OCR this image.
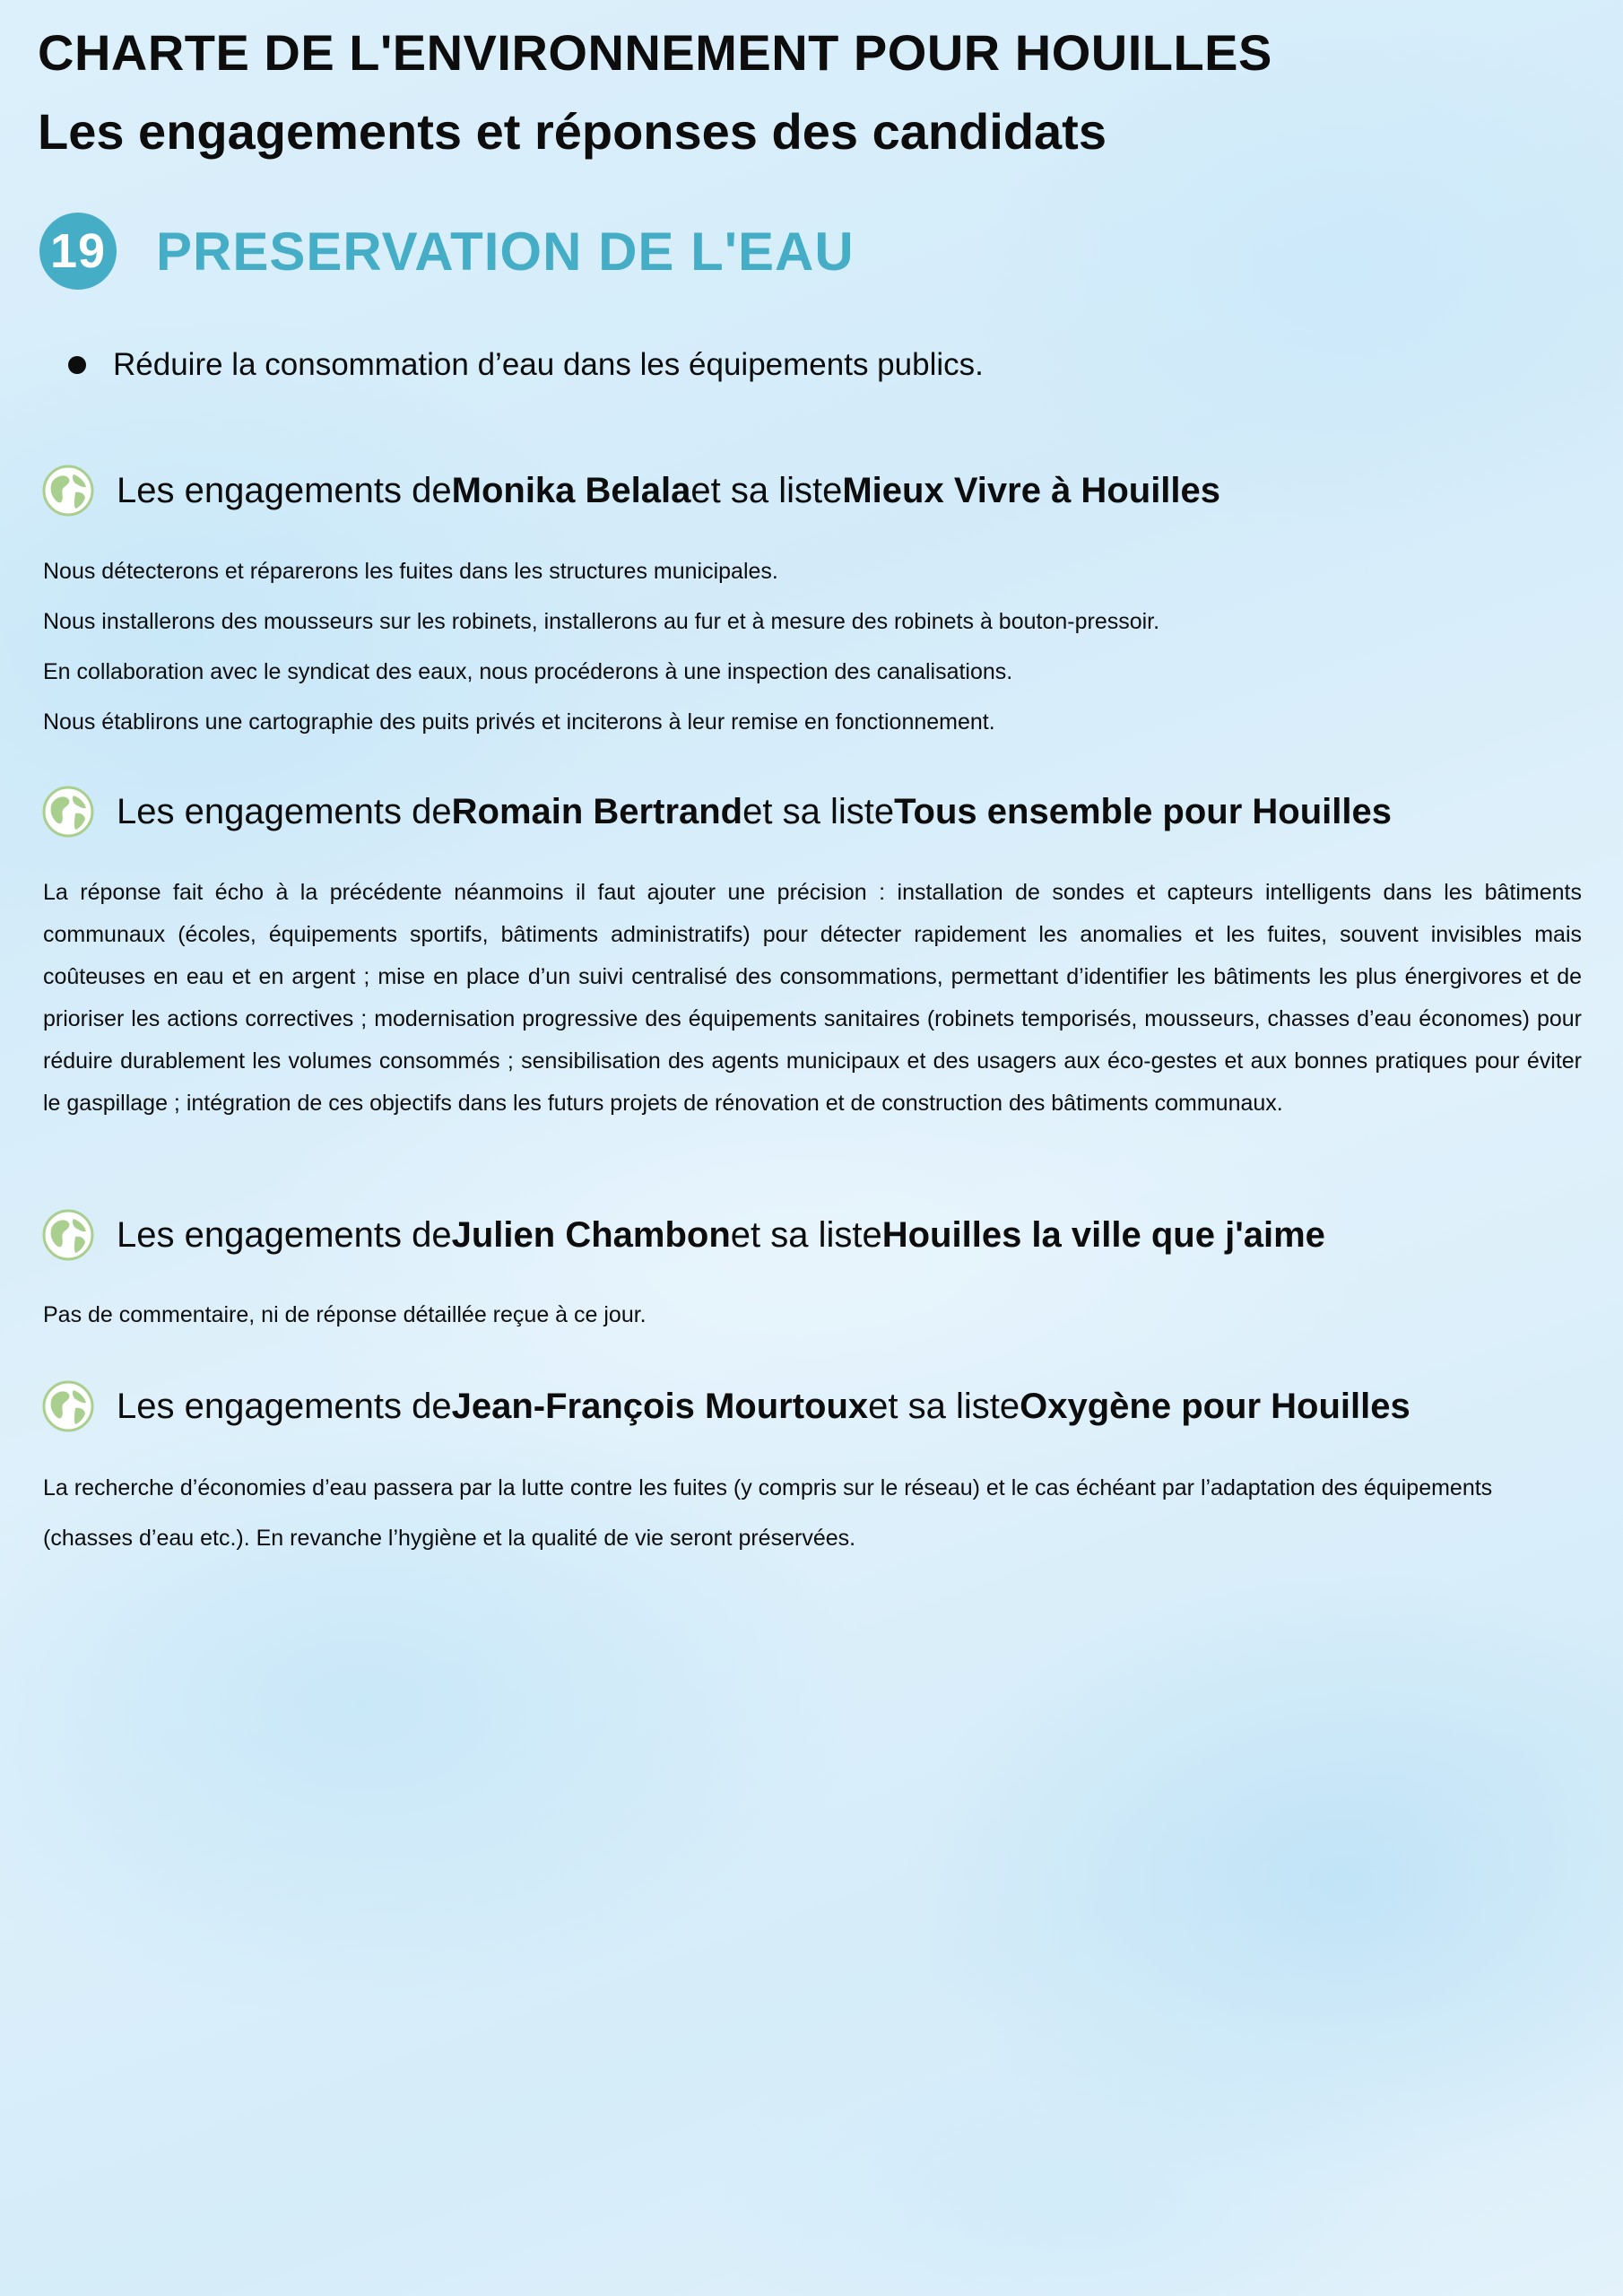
CHARTE DE L'ENVIRONNEMENT POUR HOUILLES
Les engagements et réponses des candidats
19 PRESERVATION DE L'EAU
Réduire la consommation d’eau dans les équipements publics.
Les engagements de Monika Belala et sa liste Mieux Vivre à Houilles

Nous détecterons et réparerons les fuites dans les structures municipales.

Nous installerons des mousseurs sur les robinets, installerons au fur et à mesure des robinets à bouton-pressoir.

En collaboration avec le syndicat des eaux, nous procéderons à une inspection des canalisations.

Nous établirons une cartographie des puits privés et inciterons à leur remise en fonctionnement.

Les engagements de Romain Bertrand et sa liste Tous ensemble pour Houilles

La réponse fait écho à la précédente néanmoins il faut ajouter une précision : installation de sondes et capteurs intelligents dans les bâtiments communaux (écoles, équipements sportifs, bâtiments administratifs) pour détecter rapidement les anomalies et les fuites, souvent invisibles mais coûteuses en eau et en argent ; mise en place d’un suivi centralisé des consommations, permettant d’identifier les bâtiments les plus énergivores et de prioriser les actions correctives ; modernisation progressive des équipements sanitaires (robinets temporisés, mousseurs, chasses d’eau économes) pour réduire durablement les volumes consommés ; sensibilisation des agents municipaux et des usagers aux éco-gestes et aux bonnes pratiques pour éviter le gaspillage ; intégration de ces objectifs dans les futurs projets de rénovation et de construction des bâtiments communaux.

Les engagements de Julien Chambon et sa liste Houilles la ville que j'aime

Pas de commentaire, ni de réponse détaillée reçue à ce jour.

Les engagements de Jean-François Mourtoux et sa liste Oxygène pour Houilles

La recherche d’économies d’eau passera par la lutte contre les fuites (y compris sur le réseau) et le cas échéant par l’adaptation des équipements (chasses d’eau etc.). En revanche l’hygiène et la qualité de vie seront préservées.
